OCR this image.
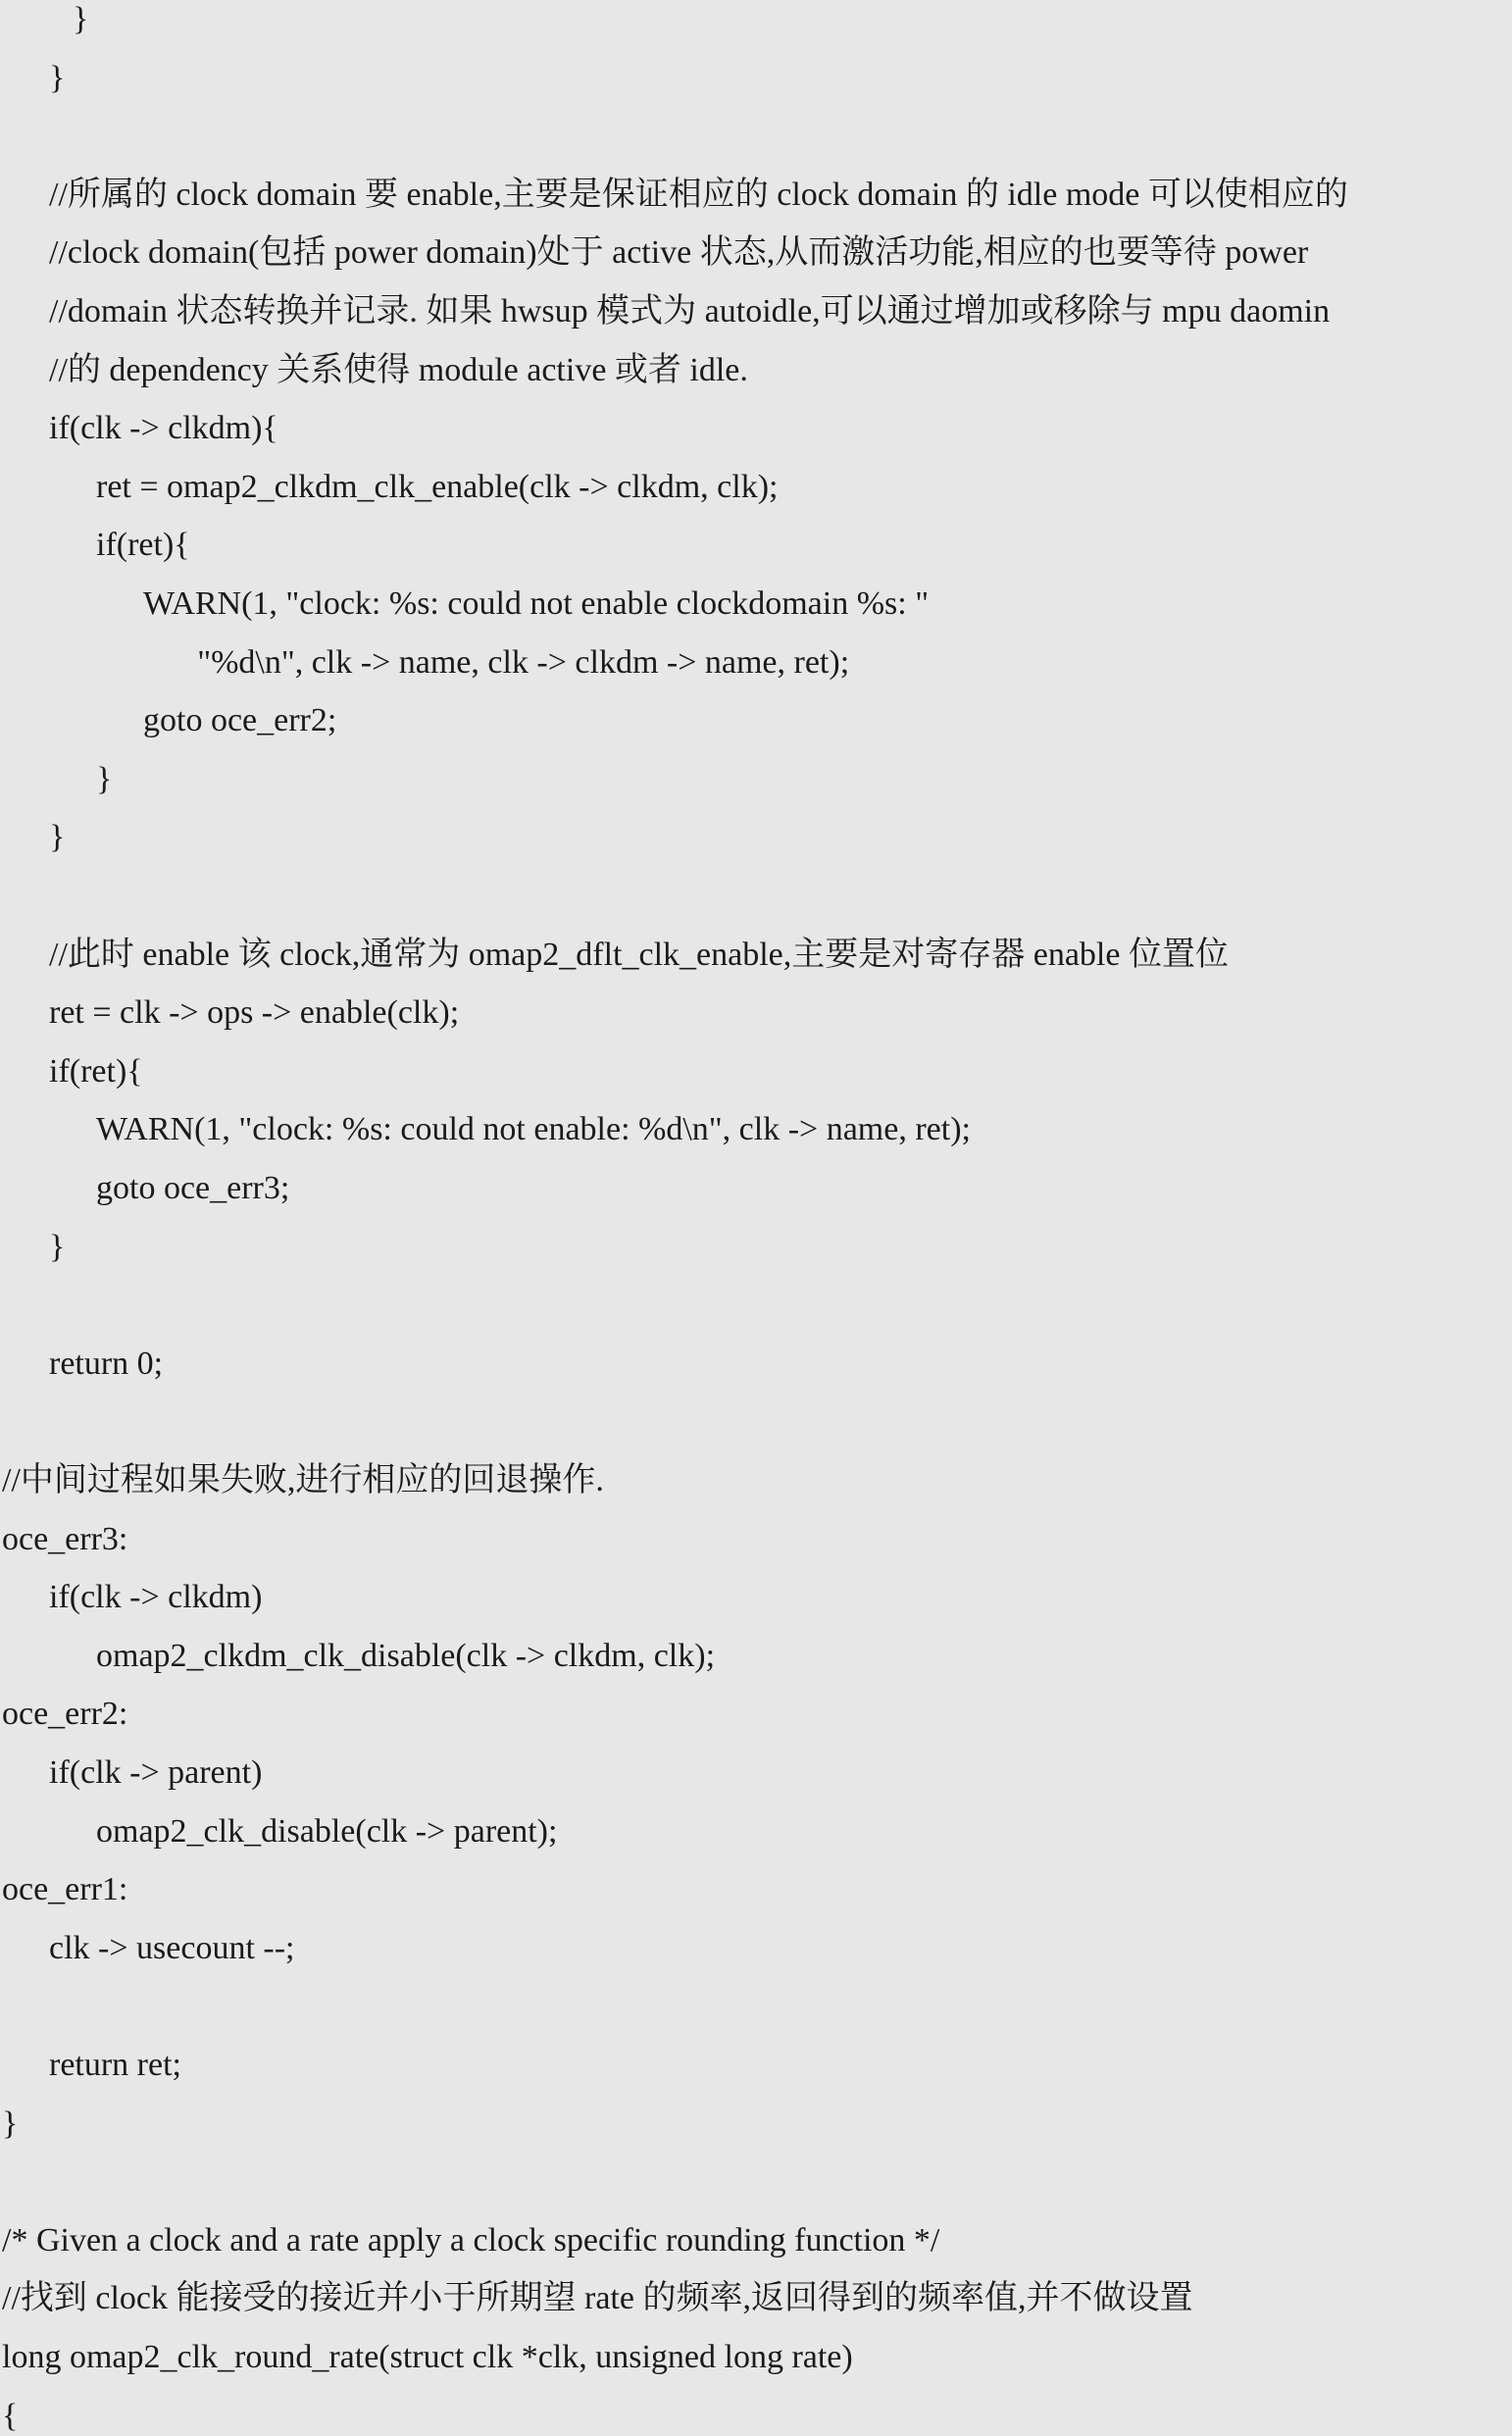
}
}
//所属的 clock domain 要 enable,主要是保证相应的 clock domain 的 idle mode 可以使相应的
//clock domain(包括 power domain)处于 active 状态,从而激活功能,相应的也要等待 power
//domain 状态转换并记录. 如果 hwsup 模式为 autoidle,可以通过增加或移除与 mpu daomin
//的 dependency 关系使得 module active 或者 idle.
if(clk -> clkdm){
ret = omap2_clkdm_clk_enable(clk -> clkdm, clk);
if(ret){
WARN(1, "clock: %s: could not enable clockdomain %s: "
"%d\n", clk -> name, clk -> clkdm -> name, ret);
goto oce_err2;
}
}
//此时 enable 该 clock,通常为 omap2_dflt_clk_enable,主要是对寄存器 enable 位置位
ret = clk -> ops -> enable(clk);
if(ret){
WARN(1, "clock: %s: could not enable: %d\n", clk -> name, ret);
goto oce_err3;
}
return 0;
//中间过程如果失败,进行相应的回退操作.
oce_err3:
if(clk -> clkdm)
omap2_clkdm_clk_disable(clk -> clkdm, clk);
oce_err2:
if(clk -> parent)
omap2_clk_disable(clk -> parent);
oce_err1:
clk -> usecount --;
return ret;
}
/* Given a clock and a rate apply a clock specific rounding function */
//找到 clock 能接受的接近并小于所期望 rate 的频率,返回得到的频率值,并不做设置
long omap2_clk_round_rate(struct clk *clk, unsigned long rate)
{
